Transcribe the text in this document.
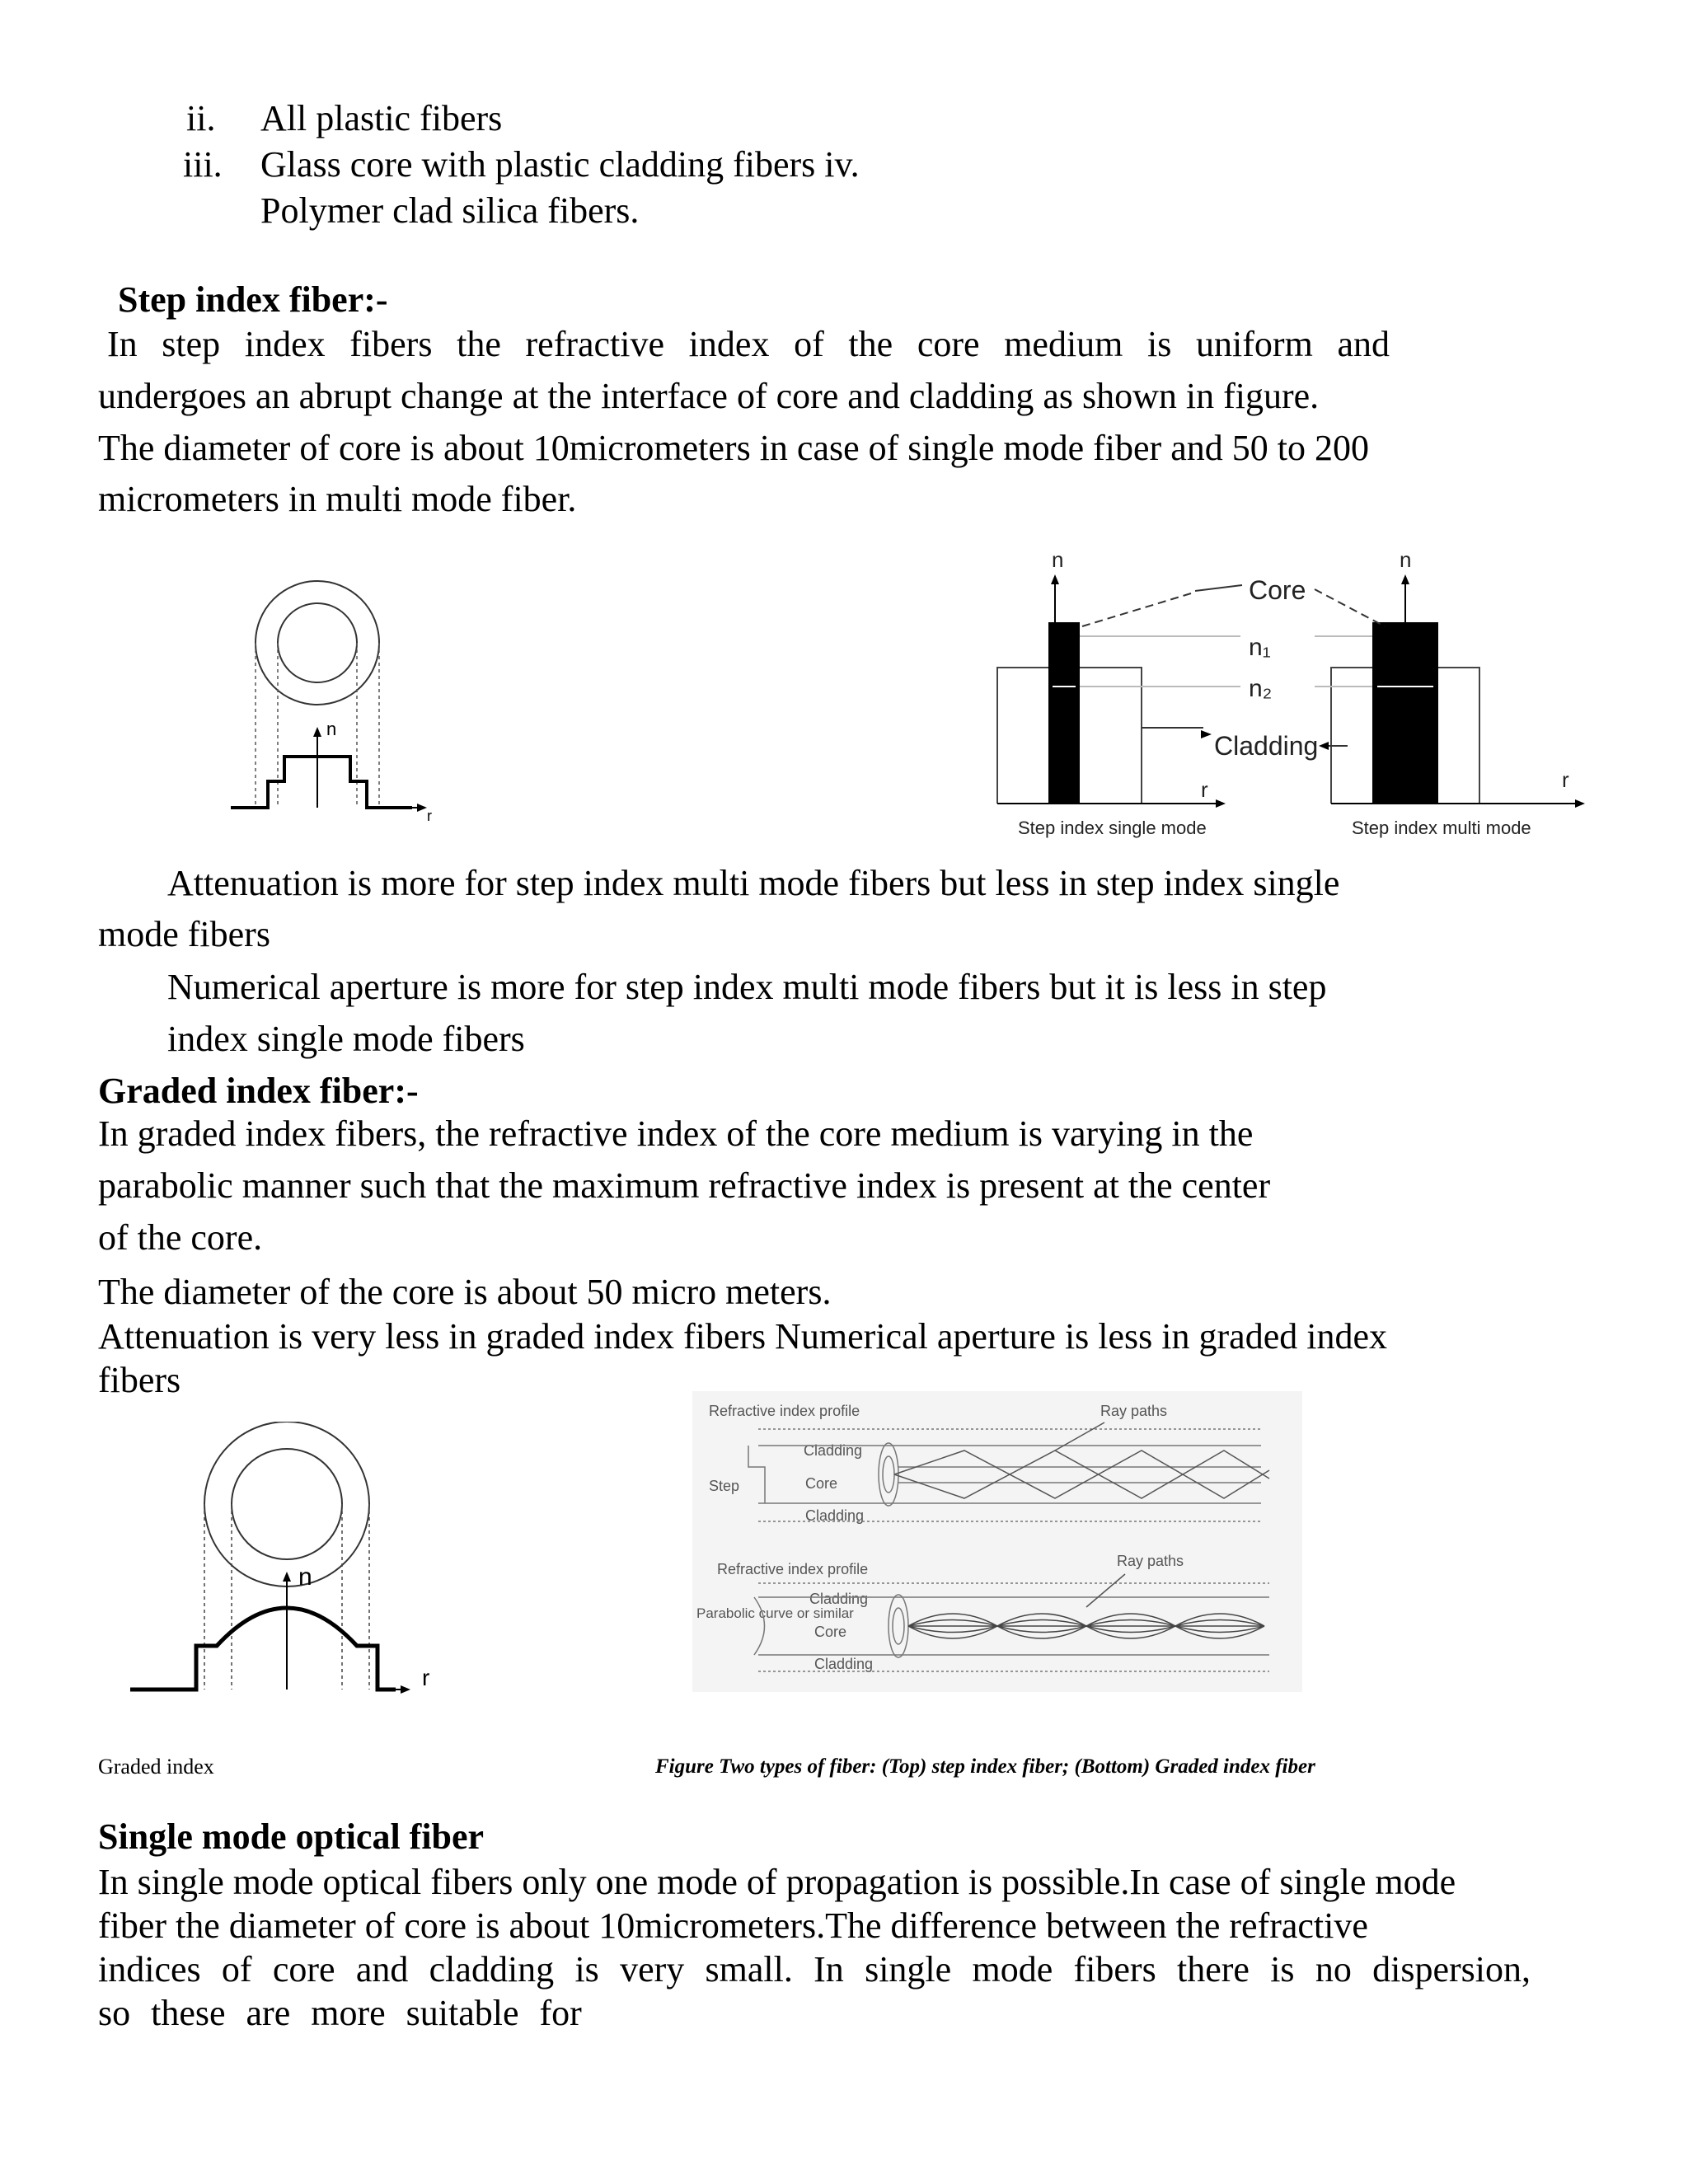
ii. All plastic fibers

iii. Glass core with plastic cladding fibers iv.

Polymer clad silica fibers.

Step index fiber:-

In step index fibers the refractive index of the core medium is uniform and

undergoes an abrupt change at the interface of core and cladding as shown in figure.

The diameter of core is about 10micrometers in case of single mode fiber and 50 to 200

micrometers in multi mode fiber.

n
r
n	n
Core
n₁
n₂
Cladding
r	r
Step index single mode	Step index multi mode

Attenuation is more for step index multi mode fibers but less in step index single

mode fibers

Numerical aperture is more for step index multi mode fibers but it is less in step

index single mode fibers

Graded index fiber:-

In graded index fibers, the refractive index of the core medium is varying in the

parabolic manner such that the maximum refractive index is present at the center

of the core.

The diameter of the core is about 50 micro meters.

Attenuation is very less in graded index fibers Numerical aperture is less in graded index

fibers

n
r
Refractive index profile	Ray paths
Cladding
Step	Core
Cladding
Refractive index profile	Ray paths
Cladding
Parabolic curve or similar
Core
Cladding

Graded index	Figure Two types of fiber: (Top) step index fiber; (Bottom) Graded index fiber

Single mode optical fiber

In single mode optical fibers only one mode of propagation is possible.In case of single mode

fiber the diameter of core is about 10micrometers.The difference between the refractive

indices of core and cladding is very small. In single mode fibers there is no dispersion,

so these are more suitable for
